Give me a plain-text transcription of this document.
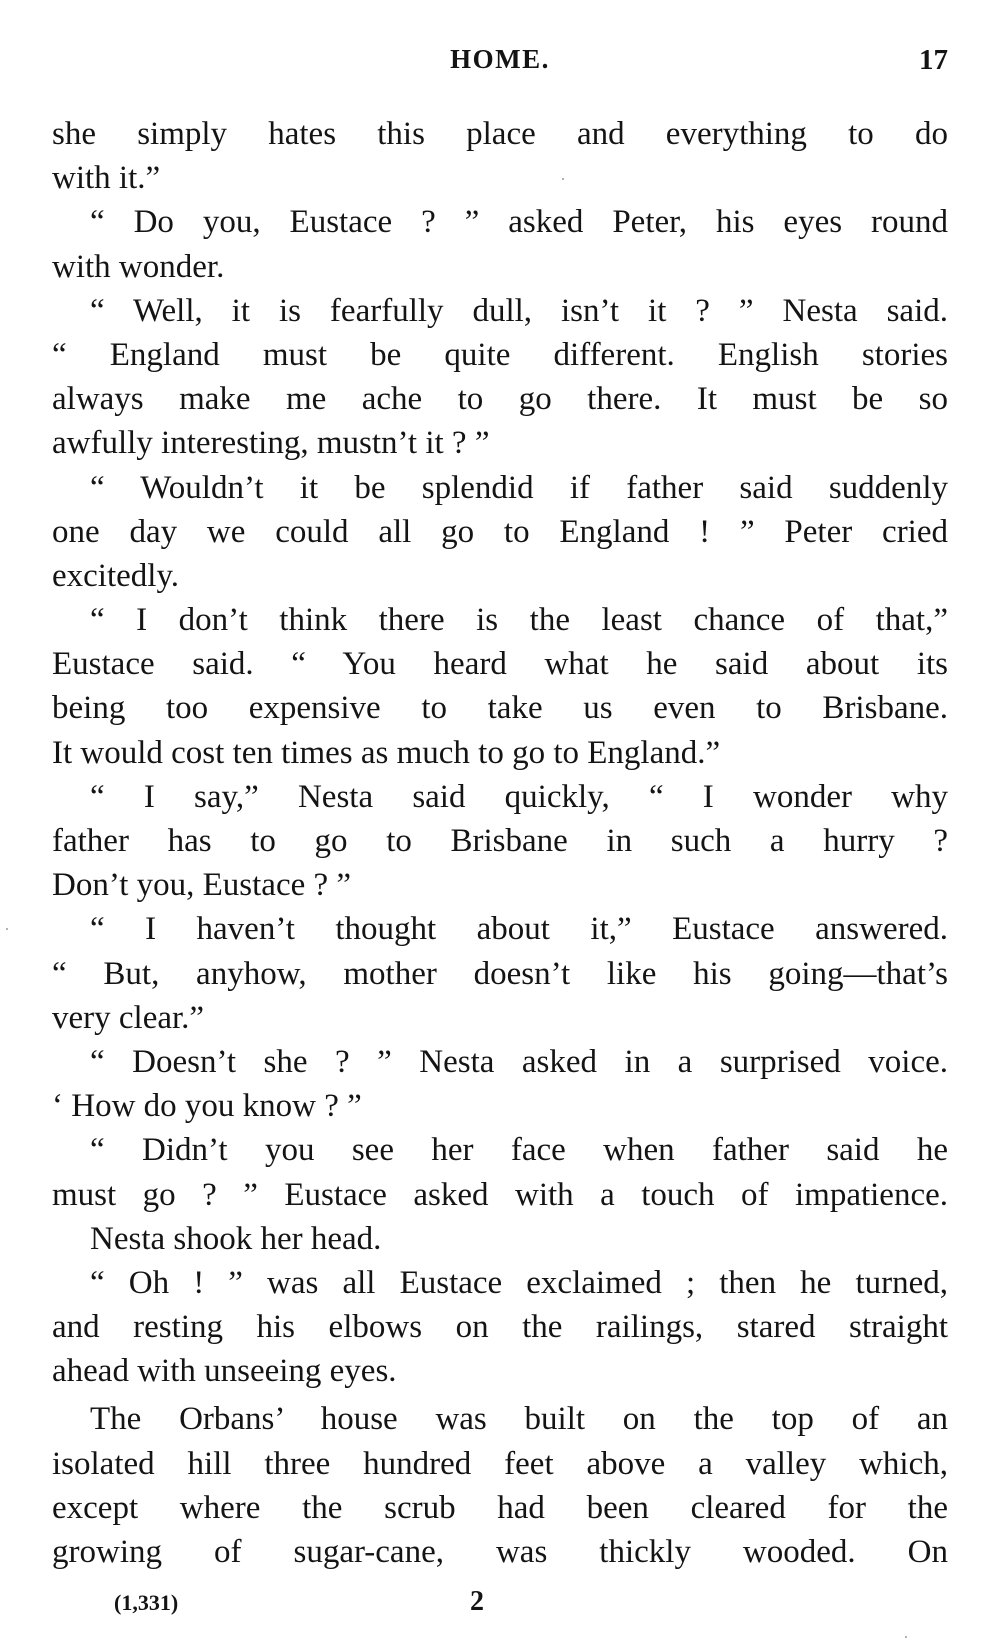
HOME.	17
she simply hates this place and everything to do
with it.”
“ Do you, Eustace ? ” asked Peter, his eyes round
with wonder.
“ Well, it is fearfully dull, isn’t it ? ” Nesta said.
“ England must be quite different. English stories
always make me ache to go there. It must be so
awfully interesting, mustn’t it ? ”
“ Wouldn’t it be splendid if father said suddenly
one day we could all go to England ! ” Peter cried
excitedly.
“ I don’t think there is the least chance of that,”
Eustace said. “ You heard what he said about its
being too expensive to take us even to Brisbane.
It would cost ten times as much to go to England.”
“ I say,” Nesta said quickly, “ I wonder why
father has to go to Brisbane in such a hurry ?
Don’t you, Eustace ? ”
“ I haven’t thought about it,” Eustace answered.
“ But, anyhow, mother doesn’t like his going—that’s
very clear.”
“ Doesn’t she ? ” Nesta asked in a surprised voice.
‘ How do you know ? ”
“ Didn’t you see her face when father said he
must go ? ” Eustace asked with a touch of impatience.
Nesta shook her head.
“ Oh ! ” was all Eustace exclaimed ; then he turned,
and resting his elbows on the railings, stared straight
ahead with unseeing eyes.
The Orbans’ house was built on the top of an
isolated hill three hundred feet above a valley which,
except where the scrub had been cleared for the
growing of sugar-cane, was thickly wooded. On
(1,331)	2
